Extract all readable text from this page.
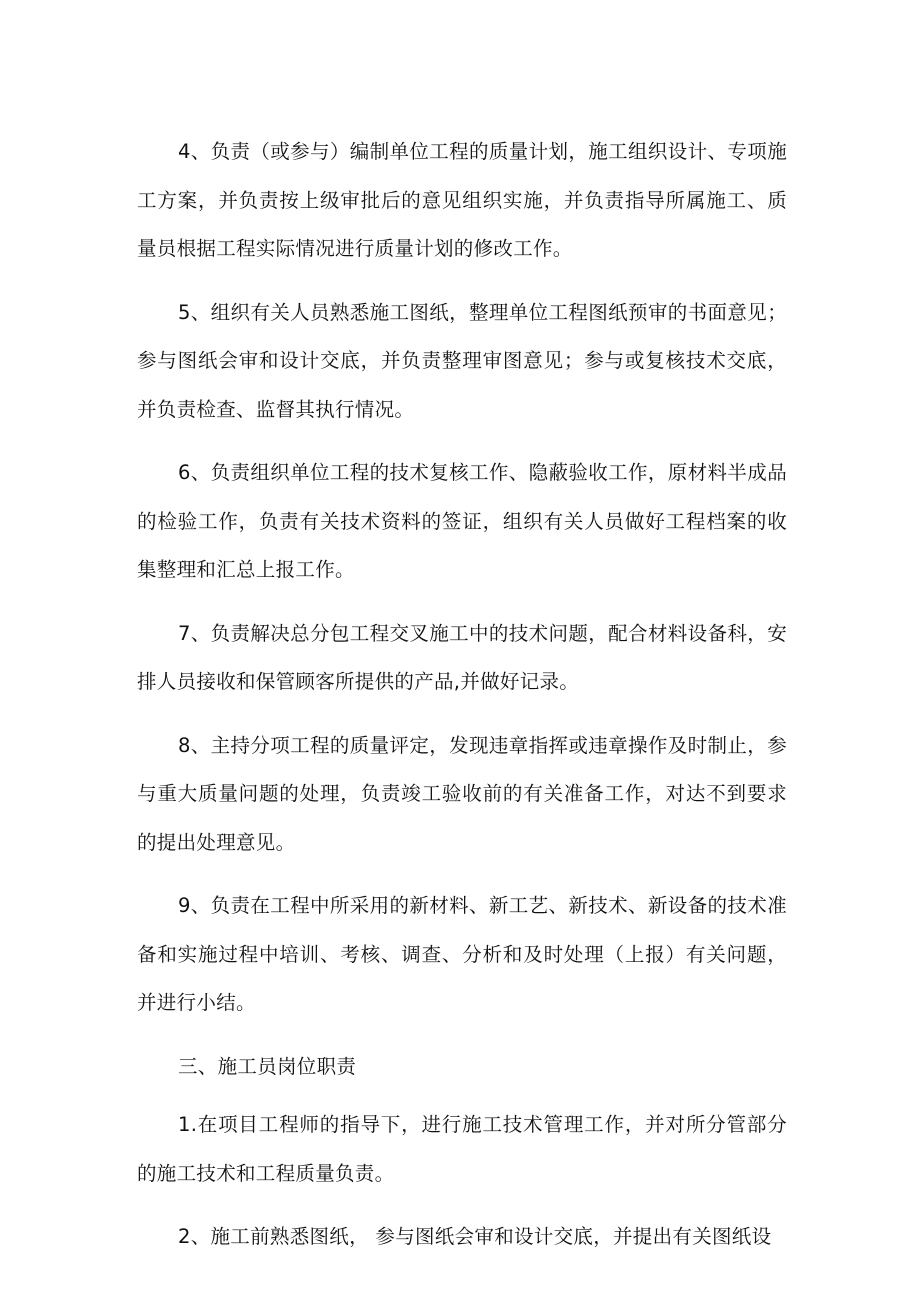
4、负责（或参与）编制单位工程的质量计划，施工组织设计、专项施工方案，并负责按上级审批后的意见组织实施，并负责指导所属施工、质量员根据工程实际情况进行质量计划的修改工作。

5、组织有关人员熟悉施工图纸，整理单位工程图纸预审的书面意见；参与图纸会审和设计交底，并负责整理审图意见；参与或复核技术交底，并负责检查、监督其执行情况。

6、负责组织单位工程的技术复核工作、隐蔽验收工作，原材料半成品的检验工作，负责有关技术资料的签证，组织有关人员做好工程档案的收集整理和汇总上报工作。

7、负责解决总分包工程交叉施工中的技术问题，配合材料设备科，安排人员接收和保管顾客所提供的产品,并做好记录。

8、主持分项工程的质量评定，发现违章指挥或违章操作及时制止，参与重大质量问题的处理，负责竣工验收前的有关准备工作，对达不到要求的提出处理意见。

9、负责在工程中所采用的新材料、新工艺、新技术、新设备的技术准备和实施过程中培训、考核、调查、分析和及时处理（上报）有关问题，并进行小结。

三、施工员岗位职责

1.在项目工程师的指导下，进行施工技术管理工作，并对所分管部分的施工技术和工程质量负责。

2、施工前熟悉图纸， 参与图纸会审和设计交底，并提出有关图纸设
